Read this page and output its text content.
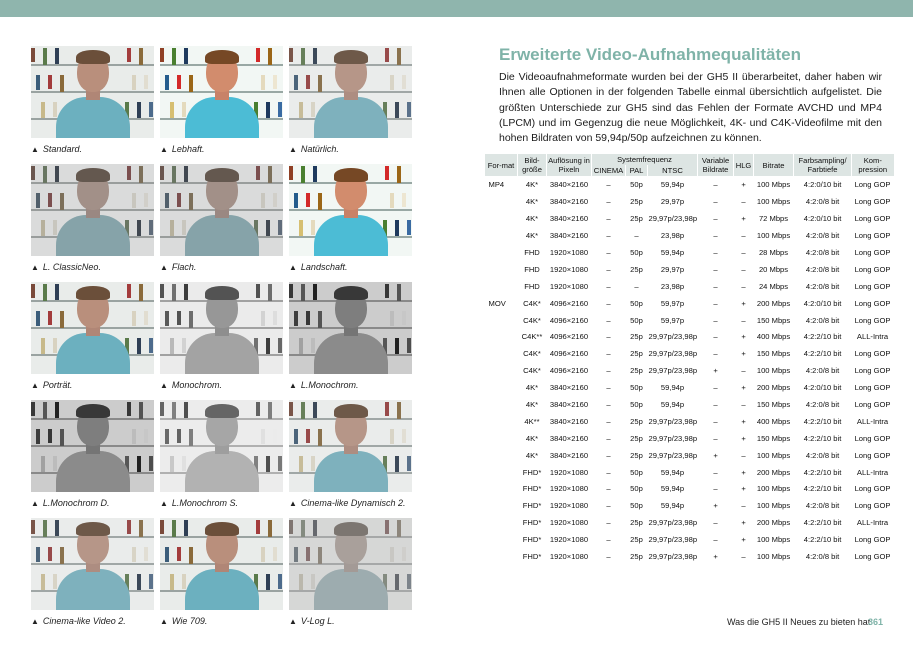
▲ Standard.	▲ Lebhaft.	▲ Natürlich.
▲ L. ClassicNeo.	▲ Flach.	▲ Landschaft.
▲ Porträt.	▲ Monochrom.	▲ L.Monochrom.
▲ L.Monochrom D.	▲ L.Monochrom S.	▲ Cinema-like Dynamisch 2.
▲ Cinema-like Video 2.	▲ Wie 709.	▲ V-Log L.
Erweiterte Video-Aufnahmequalitäten
Die Videoaufnahmeformate wurden bei der GH5 II überarbeitet, daher haben wir Ihnen alle Optionen in der folgenden Tabelle einmal übersichtlich aufgelistet. Die größten Unterschiede zur GH5 sind das Fehlen der Formate AVCHD und MP4 (LPCM) und im Gegenzug die neue Möglichkeit, 4K- und C4K-Videofilme mit den hohen Bildraten von 59,94p/50p aufzeichnen zu können.
For-mat	Bild-größe	Auflösung in Pixeln	Systemfrequenz			Variable Bildrate	HLG	Bitrate	Farbsampling/ Farbtiefe	Kom-pression
			CINEMA	PAL	NTSC					
MP4	4K*	3840×2160	–	50p	59,94p	–	+	100 Mbps	4:2:0/10 bit	Long GOP
	4K*	3840×2160	–	25p	29,97p	–	–	100 Mbps	4:2:0/8 bit	Long GOP
	4K*	3840×2160	–	25p	29,97p/23,98p	–	+	72 Mbps	4:2:0/10 bit	Long GOP
	4K*	3840×2160	–	–	23,98p	–	–	100 Mbps	4:2:0/8 bit	Long GOP
	FHD	1920×1080	–	50p	59,94p	–	–	28 Mbps	4:2:0/8 bit	Long GOP
	FHD	1920×1080	–	25p	29,97p	–	–	20 Mbps	4:2:0/8 bit	Long GOP
	FHD	1920×1080	–	–	23,98p	–	–	24 Mbps	4:2:0/8 bit	Long GOP
MOV	C4K*	4096×2160	–	50p	59,97p	–	+	200 Mbps	4:2:0/10 bit	Long GOP
	C4K*	4096×2160	–	50p	59,97p	–	–	150 Mbps	4:2:0/8 bit	Long GOP
	C4K**	4096×2160	–	25p	29,97p/23,98p	–	+	400 Mbps	4:2:2/10 bit	ALL-Intra
	C4K*	4096×2160	–	25p	29,97p/23,98p	–	+	150 Mbps	4:2:2/10 bit	Long GOP
	C4K*	4096×2160	–	25p	29,97p/23,98p	+	–	100 Mbps	4:2:0/8 bit	Long GOP
	4K*	3840×2160	–	50p	59,94p	–	+	200 Mbps	4:2:0/10 bit	Long GOP
	4K*	3840×2160	–	50p	59,94p	–	–	150 Mbps	4:2:0/8 bit	Long GOP
	4K**	3840×2160	–	25p	29,97p/23,98p	–	+	400 Mbps	4:2:2/10 bit	ALL-Intra
	4K*	3840×2160	–	25p	29,97p/23,98p	–	+	150 Mbps	4:2:2/10 bit	Long GOP
	4K*	3840×2160	–	25p	29,97p/23,98p	+	–	100 Mbps	4:2:0/8 bit	Long GOP
	FHD*	1920×1080	–	50p	59,94p	–	+	200 Mbps	4:2:2/10 bit	ALL-Intra
	FHD*	1920×1080	–	50p	59,94p	–	+	100 Mbps	4:2:2/10 bit	Long GOP
	FHD*	1920×1080	–	50p	59,94p	+	–	100 Mbps	4:2:0/8 bit	Long GOP
	FHD*	1920×1080	–	25p	29,97p/23,98p	–	+	200 Mbps	4:2:2/10 bit	ALL-Intra
	FHD*	1920×1080	–	25p	29,97p/23,98p	–	+	100 Mbps	4:2:2/10 bit	Long GOP
	FHD*	1920×1080	–	25p	29,97p/23,98p	+	–	100 Mbps	4:2:0/8 bit	Long GOP
Was die GH5 II Neues zu bieten hat
361
